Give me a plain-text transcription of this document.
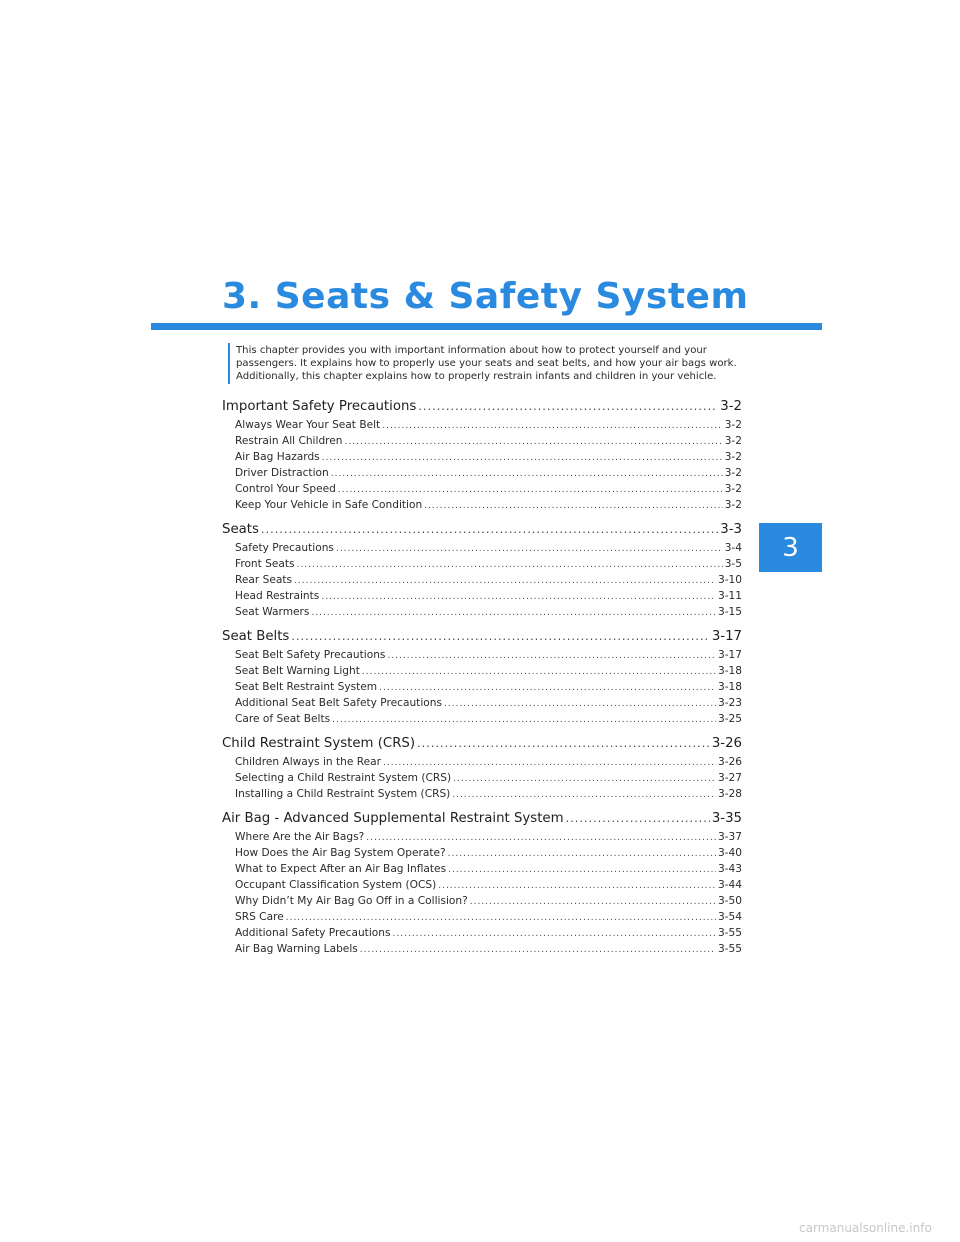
3. Seats & Safety System

This chapter provides you with important information about how to protect yourself and your passengers. It explains how to properly use your seats and seat belts, and how your air bags work. Additionally, this chapter explains how to properly restrain infants and children in your vehicle.

3
Important Safety Precautions .....	3-2
Always Wear Your Seat Belt .....	3-2
Restrain All Children .....	3-2
Air Bag Hazards .....	3-2
Driver Distraction .....	3-2
Control Your Speed .....	3-2
Keep Your Vehicle in Safe Condition .....	3-2
Seats .....	3-3
Safety Precautions .....	3-4
Front Seats .....	3-5
Rear Seats .....	3-10
Head Restraints .....	3-11
Seat Warmers .....	3-15
Seat Belts .....	3-17
Seat Belt Safety Precautions .....	3-17
Seat Belt Warning Light .....	3-18
Seat Belt Restraint System .....	3-18
Additional Seat Belt Safety Precautions .....	3-23
Care of Seat Belts .....	3-25
Child Restraint System (CRS) .....	3-26
Children Always in the Rear .....	3-26
Selecting a Child Restraint System (CRS) .....	3-27
Installing a Child Restraint System (CRS) .....	3-28
Air Bag - Advanced Supplemental Restraint System .....	3-35
Where Are the Air Bags? .....	3-37
How Does the Air Bag System Operate? .....	3-40
What to Expect After an Air Bag Inflates .....	3-43
Occupant Classification System (OCS) .....	3-44
Why Didn’t My Air Bag Go Off in a Collision? .....	3-50
SRS Care .....	3-54
Additional Safety Precautions .....	3-55
Air Bag Warning Labels .....	3-55

carmanualsonline.info
